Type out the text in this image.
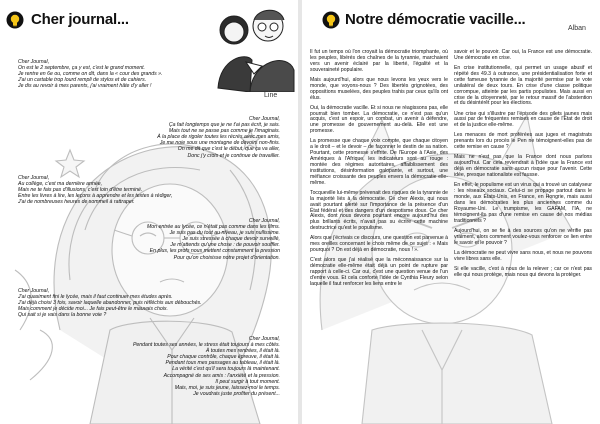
Cher journal...
Line
Cher Journal,
On est le 2 septembre, ça y est, c'est le grand moment.
Je rentre en 6e ou, comme on dit, dans la « cour des grands ».
J'ai un cartable trop lourd rempli de stylos et de cahiers.
Je dis au revoir à mes parents, j'ai vraiment hâte d'y aller !
Cher Journal,
Ça fait longtemps que je ne t'ai pas écrit, je sais.
Mais tout ne se passe pas comme je l'imaginais.
À la place de rigoler toutes les récrés avec mes amis,
Je me noie sous une montagne de devoirs non-finis.
On me dit que c'est le début, que ça va aller,
Donc j'y crois et je continue de travailler.
Cher Journal,
Au collège, c'est ma dernière année,
Mais ne te fais pas d'illusions, c'est loin d'être terminé.
Entre les livres à lire, les leçons à apprendre et les textes à rédiger,
J'ai de nombreuses heures de sommeil à rattraper.
Cher Journal,
Mon entrée au lycée, ce n'était pas comme dans les films.
Je suis pas du tout au niveau, je suis nullissime.
Je suis stressée à chaque devoir surveillé,
Je m'attends qu'une chose : de pouvoir souffler.
En plus, les profs nous mettent constamment la pression
Pour qu'on choisisse notre projet d'orientation.
Cher Journal,
J'ai quasiment fini le lycée, mais il faut continuer mes études après.
J'ai déjà choisi 3 fois, savoir laquelle abandonner, puis réfléchis aux débouchés.
Mais comment je décide moi... Je fais peut-être le mauvais choix.
Qui sait si je vais dans la bonne voie ?
Cher Journal,
Pendant toutes ses années, le stress était toujours à mes côtés.
À toutes mes rentrées, il était là.
Pour chaque contrôle, chaque épreuve, il était là.
Pendant tous mes passages au tableau, il était là.
La vérité c'est qu'il sera toujours là maintenant.
Accompagné de ses amis : l'anxiété et la pression.
Il peut surgir à tout moment.
Mais, moi, je suis jeune, laissez-moi le temps.
Je voudrais juste profiter du présent...
Notre démocratie vacille...
Alban

Il fut un temps où l'on croyait la démocratie triomphante, où les peuples, libérés des chaînes de la tyrannie, marchaient vers un avenir éclairé par la liberté, l'égalité et la souveraineté populaire.

Mais aujourd'hui, alors que nous levons les yeux vers le monde, que voyons-nous ? Des libertés grignotées, des oppositions muselées, des peuples trahis par ceux qu'ils ont élus.

Oui, la démocratie vacille. Et si nous ne réagissons pas, elle pourrait bien tomber. La démocratie, ce n'est pas qu'un acquis, c'est un espoir, un combat, un avenir à défendre, une promesse de gouvernement au-delà. Elle est une promesse.

La promesse que chaque voix compte, que chaque citoyen a le droit – et le devoir – de façonner le destin de sa nation. Pourtant, cette promesse s'effrite. De l'Europe à l'Asie, des Amériques à l'Afrique, les indicateurs sont au rouge : montée des régimes autoritaires, affaiblissement des institutions, désinformation galopante, et surtout, une méfiance croissante des peuples envers la démocratie elle-même.

Tocqueville lui-même prévenait des risques de la tyrannie de la majorité liés à la démocratie. Ce cher Alexis, qui nous avait pourtant alerté sur l'importance de la présence d'un État fédéral et des dangers d'un despotisme doux. Ce cher Alexis, dont nous devons pourtant encore aujourd'hui des plus brillants écrits, n'avait pas su écrire cette machine destructrice qu'est le populisme.

Alors que j'écrivais ce discours, une question est parvenue à mes oreilles concernant le choix même de ce sujet : « Mais pourquoi ? On est déjà en démocratie, nous ! ».

C'est alors que j'ai réalisé que la méconnaissance sur la démocratie elle-même était déjà un point de rupture par rapport à celle-ci. Car oui, c'est une question venue de l'un d'entre vous. Et cela conforte l'idée de Cynthia Fleury selon laquelle il faut renforcer les liens entre le

savoir et le pouvoir. Car oui, la France est une démocratie. Une démocratie en crise.

En crise institutionnelle, qui permet un usage abusif et répété des 49.3 à outrance, une présidentialisation forte et cette fameuse tyrannie de la majorité permise par le vote unilatéral de deux tours. En crise d'une classe politique corrompue, atteinte par les partis populistes. Mais aussi en crise de la citoyenneté, par le retour massif de l'abstention et du désintérêt pour les élections.

Une crise qui s'illustre par l'épisode des gilets jaunes mais aussi par de fréquentes remises en cause de l'État de droit et de la justice elle-même.

Les menaces de mort proférées aux juges et magistrats prenants lors du procès le Pen ne témoignent-elles pas de cette remise en cause ?

Mais ne n'est pas que la France dont nous parlons aujourd'hui. Car cela reviendrait à l'idée que la France est déjà en démocratie sans aucun risque pour l'avenir. Cette idée, presque nationaliste est fausse.

En effet, le populisme est un virus qui a trouvé un catalyseur : les réseaux sociaux. Celui-ci se propage partout dans le monde, aux États-Unis, en France, en Hongrie, mais aussi dans les démocraties les plus anciennes comme du Royaume-Uni. Le trumpisme, les GAFAM, l'IA, ne témoignent-ils pas d'une remise en cause de nos médias traditionnels ?

Aujourd'hui, on se fie à des sources qu'on ne vérifie pas vraiment, alors comment voulez-vous renforcer ce lien entre le savoir et le pouvoir ?

La démocratie ne peut vivre sans nous, et nous ne pouvons vivre libres sans elle.

Si elle vacille, c'est à nous de la relever ; car ce n'est pas elle qui nous protège, mais nous qui devons la protéger.
